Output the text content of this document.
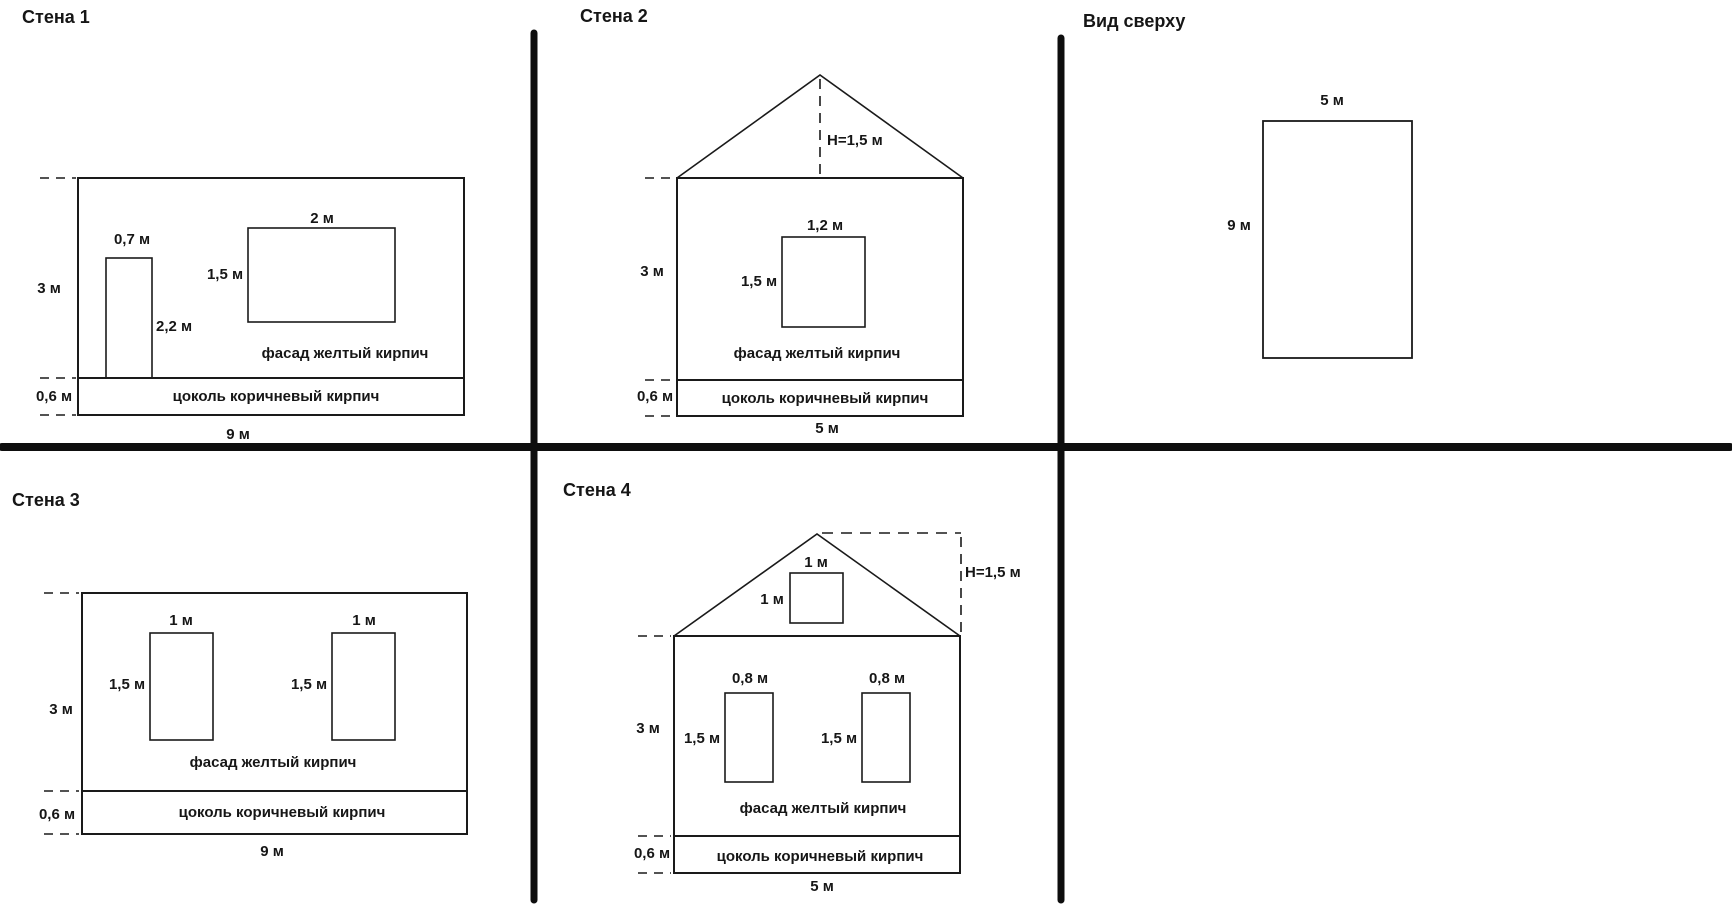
Стена 1	Стена 2	Вид сверху
Стена 3	Стена 4
0,7 м
2,2 м
2 м
1,5 м
3 м
0,6 м
фасад желтый кирпич
цоколь коричневый кирпич
9 м
Н=1,5 м
1,2 м
1,5 м
3 м
0,6 м
фасад желтый кирпич
цоколь коричневый кирпич
5 м
5 м
9 м
1 м	1 м
1,5 м	1,5 м
3 м
0,6 м
фасад желтый кирпич
цоколь коричневый кирпич
9 м
Н=1,5 м
1 м
1 м
0,8 м	0,8 м
1,5 м	1,5 м
3 м
0,6 м
фасад желтый кирпич
цоколь коричневый кирпич
5 м
